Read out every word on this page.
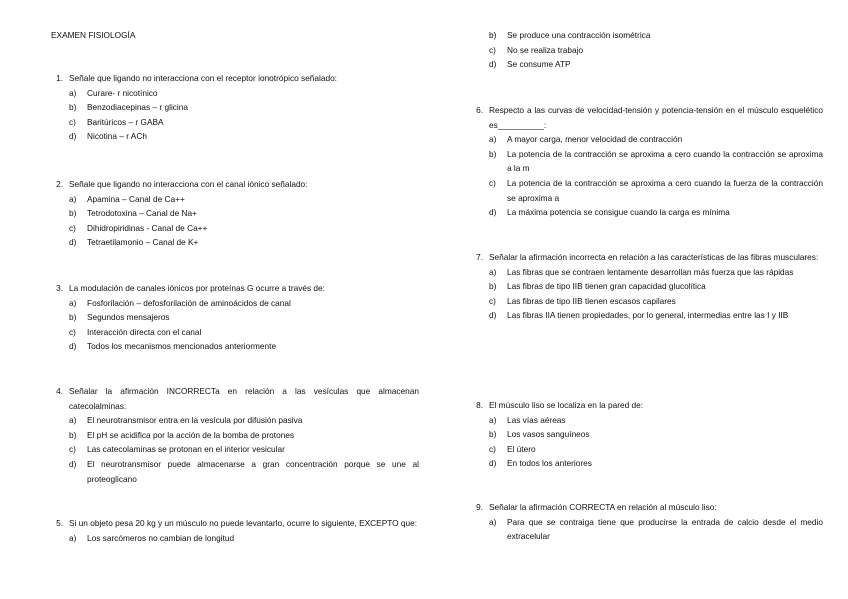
EXAMEN FISIOLOGÍA
1. Señale que ligando no interacciona con el receptor ionotrópico señalado:
a)	Curare- r nicotínico
b)	Benzodiacepinas – r glicina
c)	Baritúricos – r GABA
d)	Nicotina – r ACh
2. Señale que ligando no interacciona con el canal iónico señalado:
a)	Apamina – Canal de Ca++
b)	Tetrodotoxina – Canal de Na+
c)	Dihidropiridinas - Canal de Ca++
d)	Tetraetilamonio – Canal de K+
3. La modulación de canales iónicos por proteínas G ocurre a través de:
a)	Fosforilación – defosforilación de aminoácidos de canal
b)	Segundos mensajeros
c)	Interacción directa con el canal
d)	Todos los mecanismos mencionados anteriormente
4. Señalar la afirmación INCORRECTa en relación a las vesículas que almacenan catecolalminas:
a)	El neurotransmisor entra en la vesícula por difusión pasiva
b)	El pH se acidifica por la acción de la bomba de protones
c)	Las catecolaminas se protonan en el interior vesicular
d)	El neurotransmisor puede almacenarse a gran concentración porque se une al proteoglicano
5. Si un objeto pesa 20 kg y un músculo no puede levantarlo, ocurre lo siguiente, EXCEPTO que:
a)	Los sarcómeros no cambian de longitud
b)	Se produce una contracción isométrica
c)	No se realiza trabajo
d)	Se consume ATP
6. Respecto a las curvas de velocidad-tensión y potencia-tensión en el músculo esquelético es__________:
a)	A mayor carga, menor velocidad de contracción
b)	La potencia de la contracción se aproxima a cero cuando la contracción se aproxima a la m
c)	La potencia de la contracción se aproxima a cero cuando la fuerza de la contracción se aproxima a
d)	La máxima potencia se consigue cuando la carga es mínima
7. Señalar la afirmación incorrecta en relación a las características de las fibras musculares:
a)	Las fibras que se contraen lentamente desarrollan más fuerza que las rápidas
b)	Las fibras de tipo IIB tienen gran capacidad glucolítica
c)	Las fibras de tipo IIB tienen escasos capilares
d)	Las fibras IIA tienen propiedades, por lo general, intermedias entre las I y IIB
8. El músculo liso se localiza en la pared de:
a)	Las vías aéreas
b)	Los vasos sanguíneos
c)	El útero
d)	En todos los anteriores
9. Señalar la afirmación CORRECTA en relación al músculo liso:
a)	Para que se contraiga tiene que producirse la entrada de calcio desde el medio extracelular
